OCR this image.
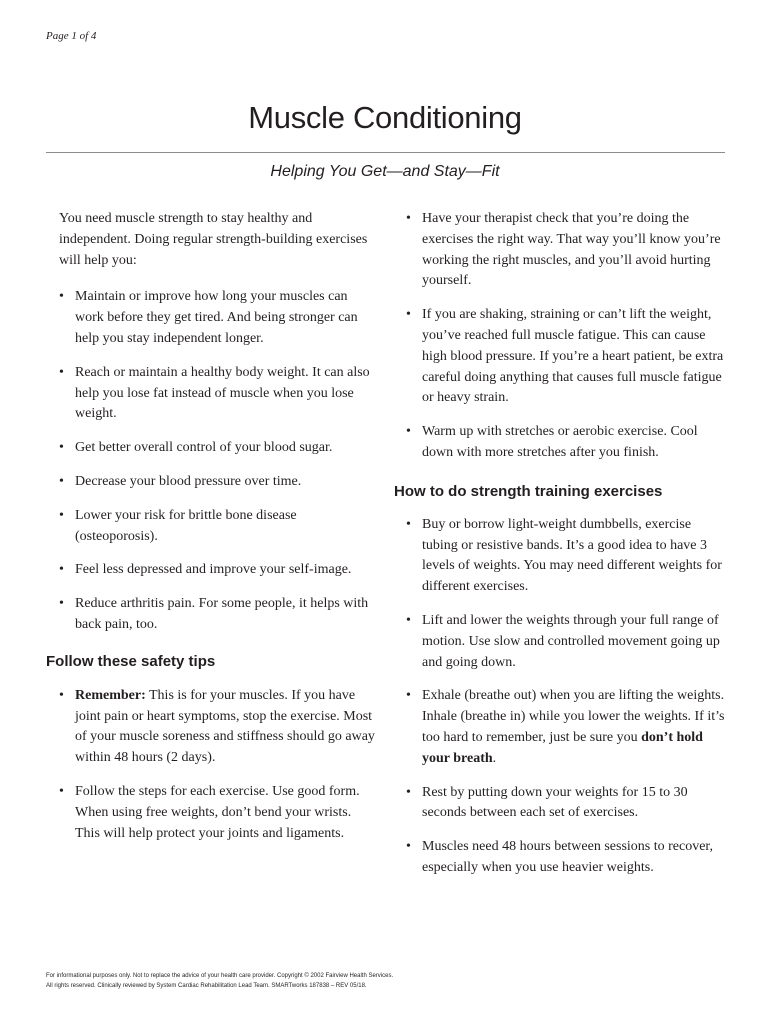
Page 1 of 4
Muscle Conditioning
Helping You Get—and Stay—Fit

You need muscle strength to stay healthy and independent. Doing regular strength-building exercises will help you:

• Maintain or improve how long your muscles can work before they get tired. And being stronger can help you stay independent longer.
• Reach or maintain a healthy body weight. It can also help you lose fat instead of muscle when you lose weight.
• Get better overall control of your blood sugar.
• Decrease your blood pressure over time.
• Lower your risk for brittle bone disease (osteoporosis).
• Feel less depressed and improve your self-image.
• Reduce arthritis pain. For some people, it helps with back pain, too.
Follow these safety tips
• Remember: This is for your muscles. If you have joint pain or heart symptoms, stop the exercise. Most of your muscle soreness and stiffness should go away within 48 hours (2 days).
• Follow the steps for each exercise. Use good form. When using free weights, don’t bend your wrists. This will help protect your joints and ligaments.
• Have your therapist check that you’re doing the exercises the right way. That way you’ll know you’re working the right muscles, and you’ll avoid hurting yourself.
• If you are shaking, straining or can’t lift the weight, you’ve reached full muscle fatigue. This can cause high blood pressure. If you’re a heart patient, be extra careful doing anything that causes full muscle fatigue or heavy strain.
• Warm up with stretches or aerobic exercise. Cool down with more stretches after you finish.
How to do strength training exercises
• Buy or borrow light-weight dumbbells, exercise tubing or resistive bands. It’s a good idea to have 3 levels of weights. You may need different weights for different exercises.
• Lift and lower the weights through your full range of motion. Use slow and controlled movement going up and going down.
• Exhale (breathe out) when you are lifting the weights. Inhale (breathe in) while you lower the weights. If it’s too hard to remember, just be sure you don’t hold your breath.
• Rest by putting down your weights for 15 to 30 seconds between each set of exercises.
• Muscles need 48 hours between sessions to recover, especially when you use heavier weights.
For informational purposes only. Not to replace the advice of your health care provider. Copyright © 2002 Fairview Health Services.
All rights reserved. Clinically reviewed by System Cardiac Rehabilitation Lead Team. SMARTworks 187838 – REV 05/18.
